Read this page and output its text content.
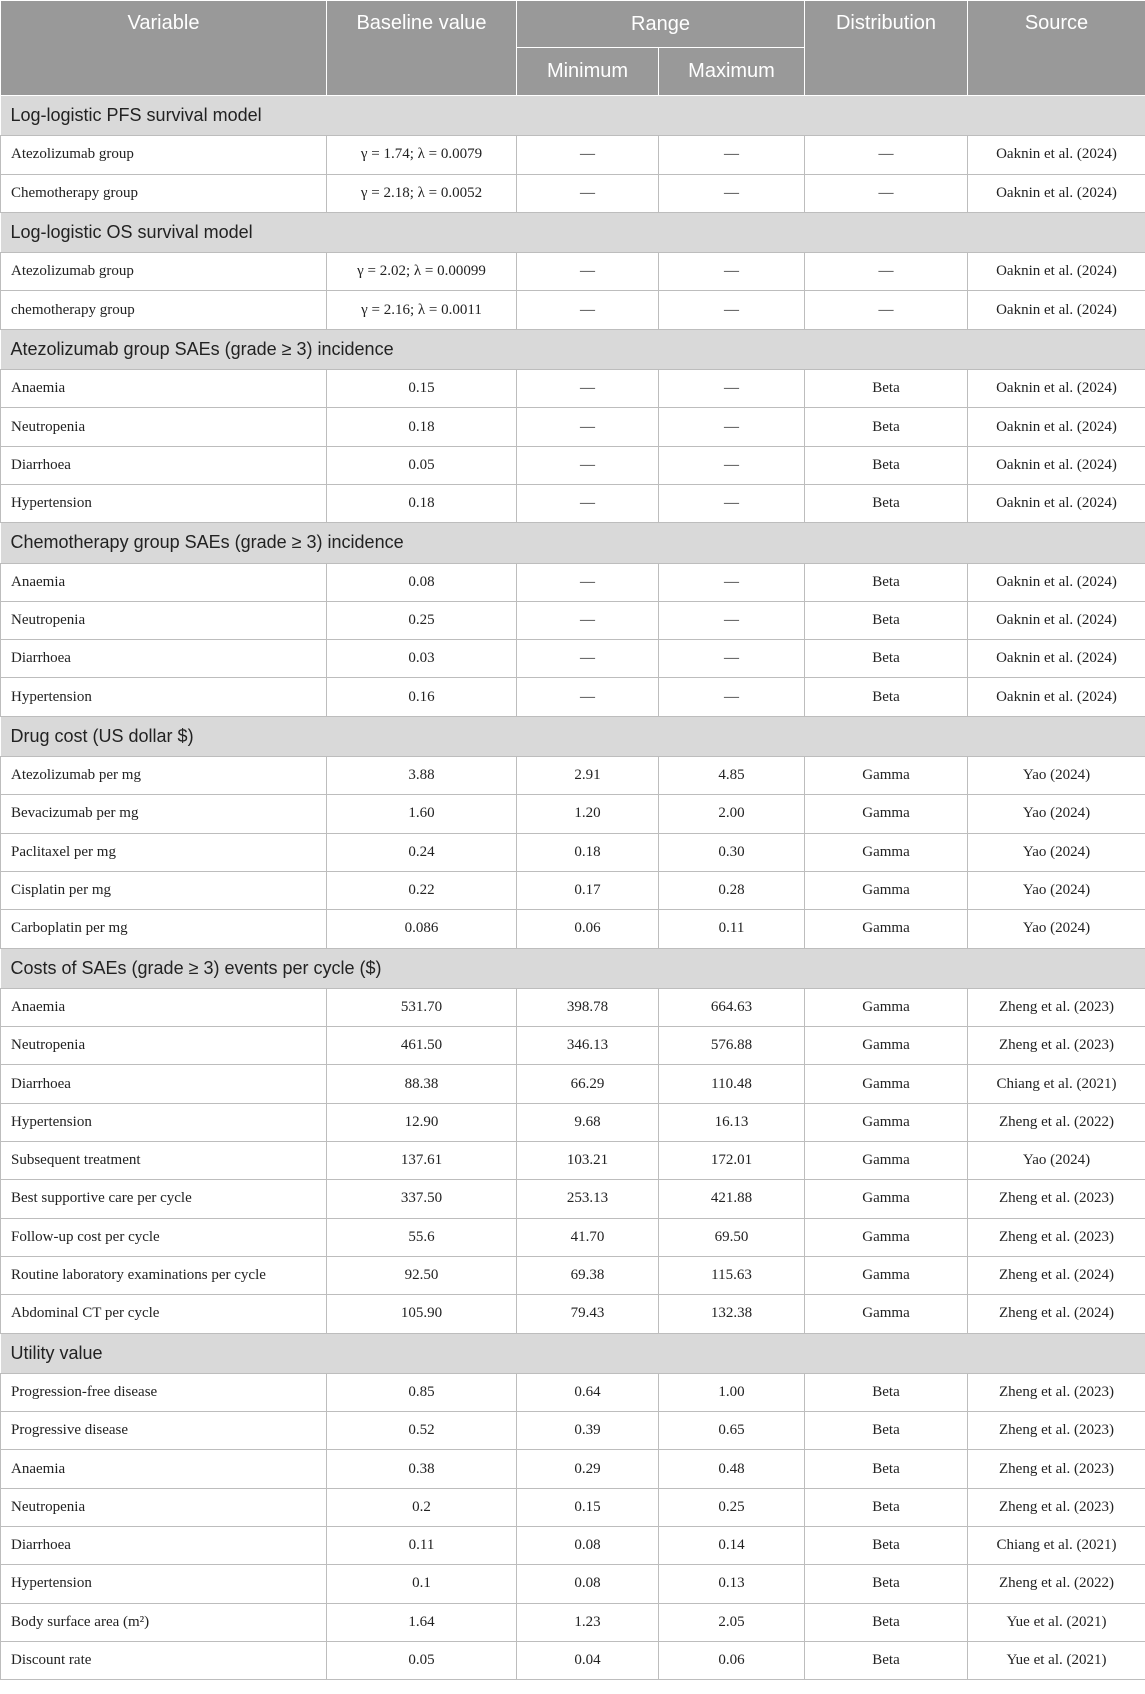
Variable	Baseline value	Range		Distribution	Source
		Minimum	Maximum		
Log-logistic PFS survival model					
Atezolizumab group	γ = 1.74; λ = 0.0079	—	—	—	Oaknin et al. (2024)
Chemotherapy group	γ = 2.18; λ = 0.0052	—	—	—	Oaknin et al. (2024)
Log-logistic OS survival model					
Atezolizumab group	γ = 2.02; λ = 0.00099	—	—	—	Oaknin et al. (2024)
chemotherapy group	γ = 2.16; λ = 0.0011	—	—	—	Oaknin et al. (2024)
Atezolizumab group SAEs (grade ≥ 3) incidence					
Anaemia	0.15	—	—	Beta	Oaknin et al. (2024)
Neutropenia	0.18	—	—	Beta	Oaknin et al. (2024)
Diarrhoea	0.05	—	—	Beta	Oaknin et al. (2024)
Hypertension	0.18	—	—	Beta	Oaknin et al. (2024)
Chemotherapy group SAEs (grade ≥ 3) incidence					
Anaemia	0.08	—	—	Beta	Oaknin et al. (2024)
Neutropenia	0.25	—	—	Beta	Oaknin et al. (2024)
Diarrhoea	0.03	—	—	Beta	Oaknin et al. (2024)
Hypertension	0.16	—	—	Beta	Oaknin et al. (2024)
Drug cost (US dollar $)					
Atezolizumab per mg	3.88	2.91	4.85	Gamma	Yao (2024)
Bevacizumab per mg	1.60	1.20	2.00	Gamma	Yao (2024)
Paclitaxel per mg	0.24	0.18	0.30	Gamma	Yao (2024)
Cisplatin per mg	0.22	0.17	0.28	Gamma	Yao (2024)
Carboplatin per mg	0.086	0.06	0.11	Gamma	Yao (2024)
Costs of SAEs (grade ≥ 3) events per cycle ($)					
Anaemia	531.70	398.78	664.63	Gamma	Zheng et al. (2023)
Neutropenia	461.50	346.13	576.88	Gamma	Zheng et al. (2023)
Diarrhoea	88.38	66.29	110.48	Gamma	Chiang et al. (2021)
Hypertension	12.90	9.68	16.13	Gamma	Zheng et al. (2022)
Subsequent treatment	137.61	103.21	172.01	Gamma	Yao (2024)
Best supportive care per cycle	337.50	253.13	421.88	Gamma	Zheng et al. (2023)
Follow-up cost per cycle	55.6	41.70	69.50	Gamma	Zheng et al. (2023)
Routine laboratory examinations per cycle	92.50	69.38	115.63	Gamma	Zheng et al. (2024)
Abdominal CT per cycle	105.90	79.43	132.38	Gamma	Zheng et al. (2024)
Utility value					
Progression-free disease	0.85	0.64	1.00	Beta	Zheng et al. (2023)
Progressive disease	0.52	0.39	0.65	Beta	Zheng et al. (2023)
Anaemia	0.38	0.29	0.48	Beta	Zheng et al. (2023)
Neutropenia	0.2	0.15	0.25	Beta	Zheng et al. (2023)
Diarrhoea	0.11	0.08	0.14	Beta	Chiang et al. (2021)
Hypertension	0.1	0.08	0.13	Beta	Zheng et al. (2022)
Body surface area (m²)	1.64	1.23	2.05	Beta	Yue et al. (2021)
Discount rate	0.05	0.04	0.06	Beta	Yue et al. (2021)
